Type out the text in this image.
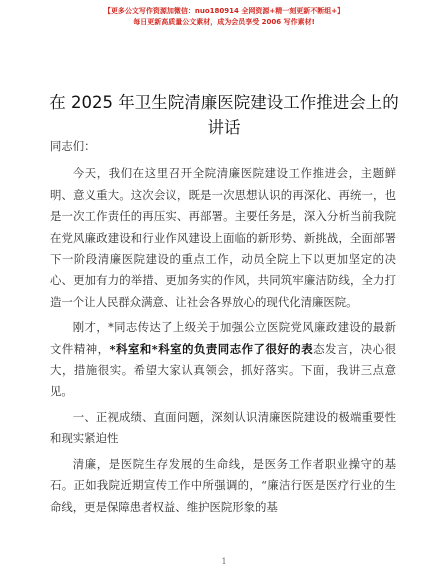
【更多公文写作资源加微信：nuo180914 全网资源+精一刻更新不断组+】
每日更新高质量公文素材，成为会员享受 2006 写作素材!
在 2025 年卫生院清廉医院建设工作推进会上的
讲话

同志们：

今天，我们在这里召开全院清廉医院建设工作推进会，主题鲜明、意义重大。这次会议，既是一次思想认识的再深化、再统一，也是一次工作责任的再压实、再部署。主要任务是，深入分析当前我院在党风廉政建设和行业作风建设上面临的新形势、新挑战，全面部署下一阶段清廉医院建设的重点工作，动员全院上下以更加坚定的决心、更加有力的举措、更加务实的作风，共同筑牢廉洁防线，全力打造一个让人民群众满意、让社会各界放心的现代化清廉医院。

刚才，*同志传达了上级关于加强公立医院党风廉政建设的最新文件精神，*科室和*科室的负责同志作了很好的表态发言，决心很大，措施很实。希望大家认真领会，抓好落实。下面，我讲三点意见。

一、正视成绩、直面问题，深刻认识清廉医院建设的极端重要性和现实紧迫性

清廉，是医院生存发展的生命线，是医务工作者职业操守的基石。正如我院近期宣传工作中所强调的，“廉洁行医是医疗行业的生命线，更是保障患者权益、维护医院形象的基

1
